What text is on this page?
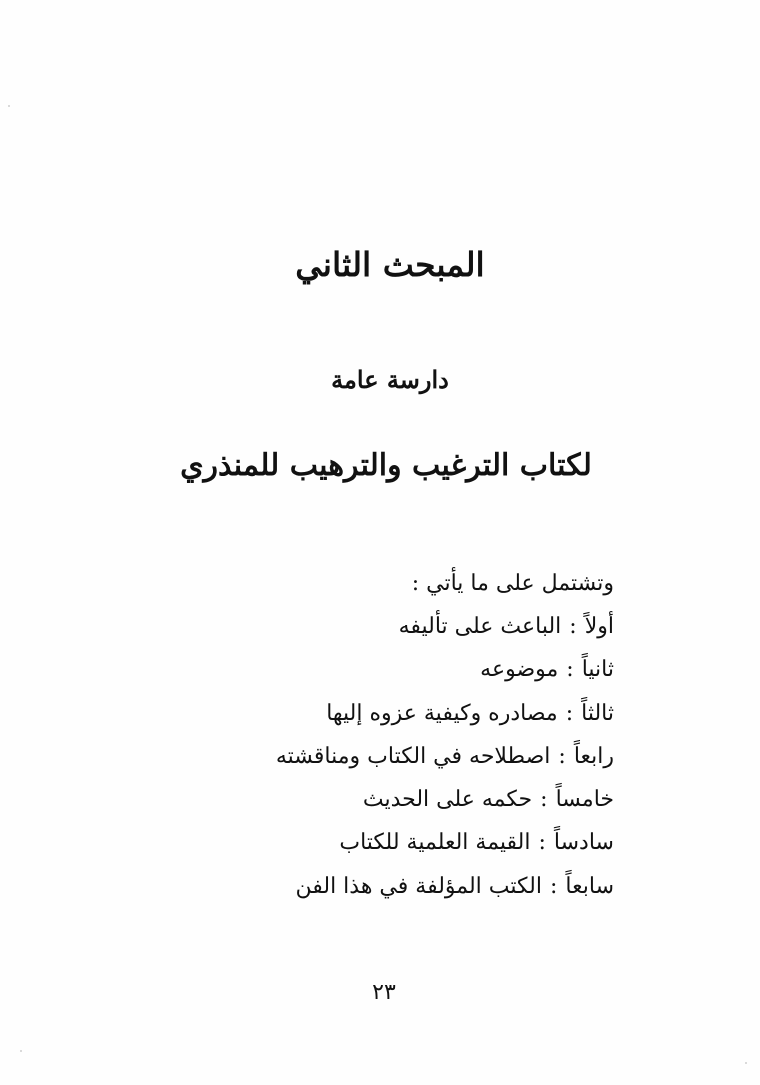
المبحث الثاني
دارسة عامة
لكتاب الترغيب والترهيب للمنذري
وتشتمل على ما يأتي :
أولاً:الباعث على تأليفه
ثانياً:موضوعه
ثالثاً:مصادره وكيفية عزوه إليها
رابعاً:اصطلاحه في الكتاب ومناقشته
خامساً:حكمه على الحديث
سادساً:القيمة العلمية للكتاب
سابعاً:الكتب المؤلفة في هذا الفن
٢٣
